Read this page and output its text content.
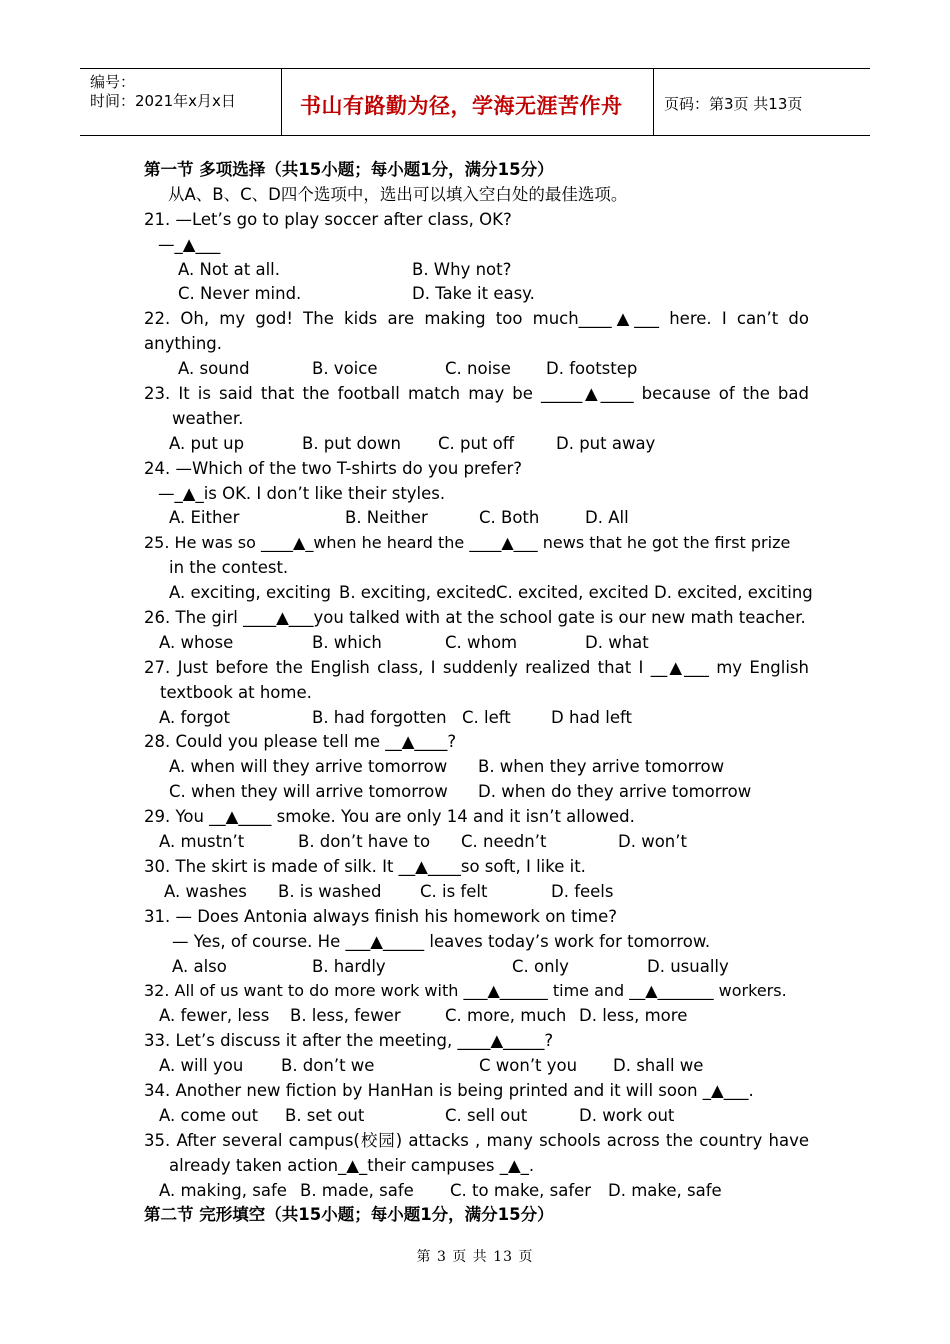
编号：
时间：2021年x月x日	书山有路勤为径，学海无涯苦作舟	页码：第3页 共13页
第一节 多项选择（共15小题；每小题1分，满分15分）
从A、B、C、D四个选项中，选出可以填入空白处的最佳选项。
21. —Let’s go to play soccer after class, OK?
—_▲___
A. Not at all.	B. Why not?
C. Never mind.	D. Take it easy.
22. Oh, my god! The kids are making too much____▲___ here. I can’t do
anything.
A. sound	B. voice	C. noise D. footstep
23. It is said that the football match may be _____▲____ because of the bad
weather.
A. put up	B. put down C. put off	D. put away
24. —Which of the two T-shirts do you prefer?
—_▲_is OK. I don’t like their styles.
A. Either	B. Neither	C. Both	D. All
25. He was so ____▲_when he heard the ____▲___ news that he got the first prize
in the contest.
A. exciting, exciting B. exciting, excited C. excited, excited D. excited, exciting
26. The girl ____▲___you talked with at the school gate is our new math teacher.
A. whose	B. which	C. whom	D. what
27. Just before the English class, I suddenly realized that I __▲___ my English
textbook at home.
A. forgot	B. had forgotten C. left D had left
28. Could you please tell me __▲____?
A. when will they arrive tomorrow B. when they arrive tomorrow
C. when they will arrive tomorrow D. when do they arrive tomorrow
29. You __▲____ smoke. You are only 14 and it isn’t allowed.
A. mustn’t	B. don’t have to C. needn’t	D. won’t
30. The skirt is made of silk. It __▲____so soft, I like it.
A. washes B. is washed C. is felt	D. feels
31. — Does Antonia always finish his homework on time?
— Yes, of course. He ___▲_____ leaves today’s work for tomorrow.
A. also	B. hardly	C. only	D. usually
32. All of us want to do more work with ___▲______ time and __▲_______ workers.
A. fewer, less B. less, fewer	C. more, much D. less, more
33. Let’s discuss it after the meeting, ____▲_____?
A. will you B. don’t we	C won’t you D. shall we
34. Another new fiction by HanHan is being printed and it will soon _▲___.
A. come out B. set out	C. sell out	D. work out
35. After several campus(校园) attacks , many schools across the country have
already taken action_▲_their campuses _▲_.
A. making, safe B. made, safe C. to make, safer D. make, safe
第二节 完形填空（共15小题；每小题1分，满分15分）
第 3 页 共 13 页
